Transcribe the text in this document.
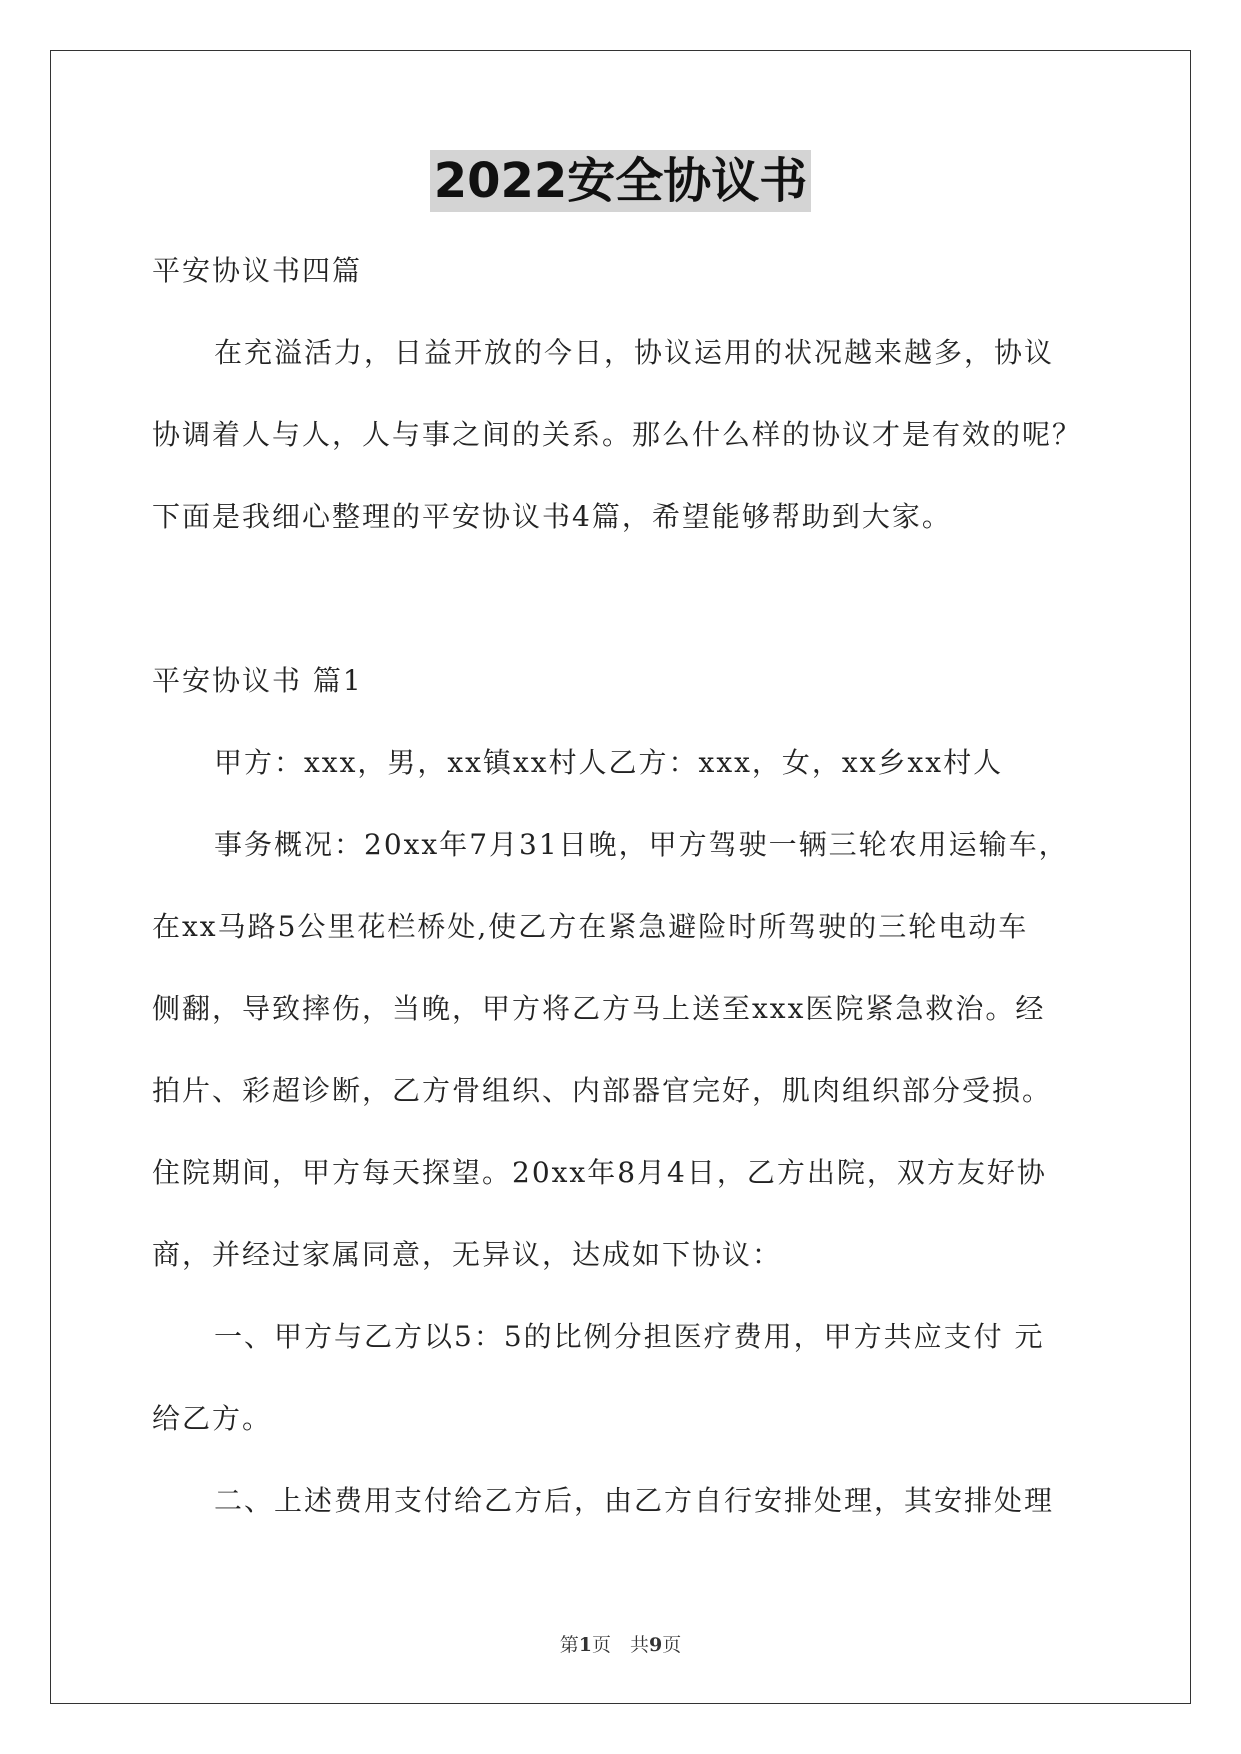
2022安全协议书
平安协议书四篇
在充溢活力，日益开放的今日，协议运用的状况越来越多，协议
协调着人与人，人与事之间的关系。那么什么样的协议才是有效的呢？
下面是我细心整理的平安协议书4篇，希望能够帮助到大家。
平安协议书 篇1
甲方：xxx，男，xx镇xx村人乙方：xxx，女，xx乡xx村人
事务概况：20xx年7月31日晚，甲方驾驶一辆三轮农用运输车，
在xx马路5公里花栏桥处,使乙方在紧急避险时所驾驶的三轮电动车
侧翻，导致摔伤，当晚，甲方将乙方马上送至xxx医院紧急救治。经
拍片、彩超诊断，乙方骨组织、内部器官完好，肌肉组织部分受损。
住院期间，甲方每天探望。20xx年8月4日，乙方出院，双方友好协
商，并经过家属同意，无异议，达成如下协议：
一、甲方与乙方以5：5的比例分担医疗费用，甲方共应支付 元
给乙方。
二、上述费用支付给乙方后，由乙方自行安排处理，其安排处理
第1页　共9页
